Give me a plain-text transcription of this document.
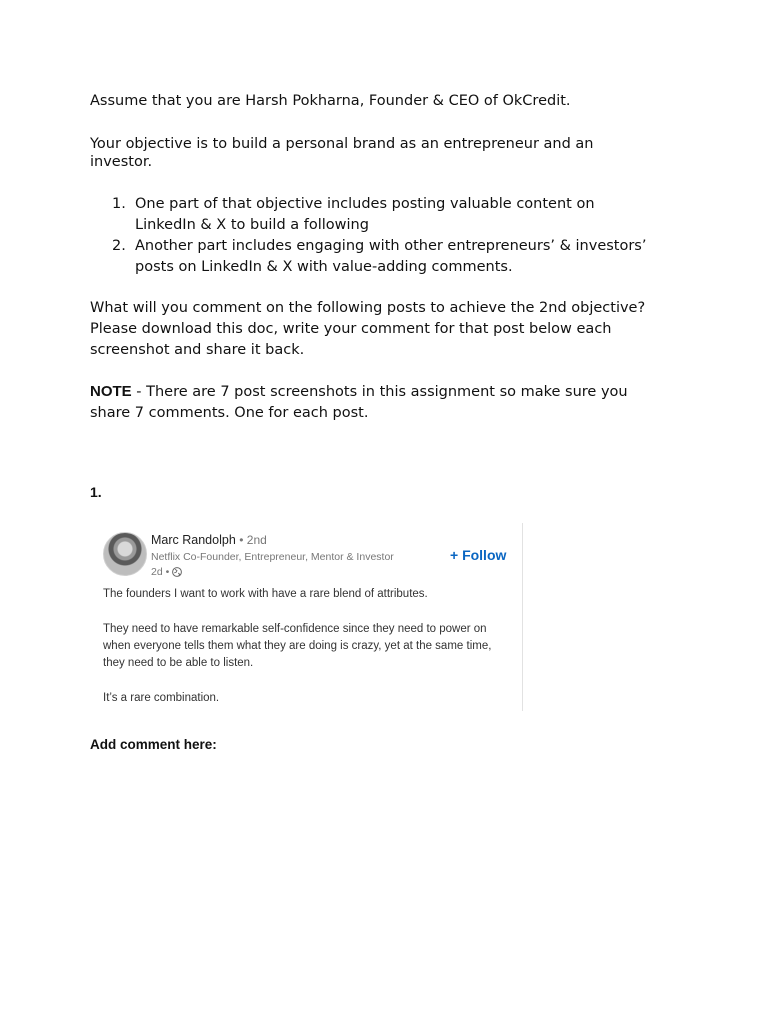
Assume that you are Harsh Pokharna, Founder & CEO of OkCredit.

Your objective is to build a personal brand as an entrepreneur and an investor.

1. One part of that objective includes posting valuable content on LinkedIn & X to build a following
2. Another part includes engaging with other entrepreneurs’ & investors’ posts on LinkedIn & X with value-adding comments.

What will you comment on the following posts to achieve the 2nd objective? Please download this doc, write your comment for that post below each screenshot and share it back.

NOTE - There are 7 post screenshots in this assignment so make sure you share 7 comments. One for each post.

1.
Marc Randolph • 2nd
Netflix Co-Founder, Entrepreneur, Mentor & Investor
2d •
+ Follow

The founders I want to work with have a rare blend of attributes.

They need to have remarkable self-confidence since they need to power on when everyone tells them what they are doing is crazy, yet at the same time, they need to be able to listen.

It’s a rare combination.

Add comment here:
